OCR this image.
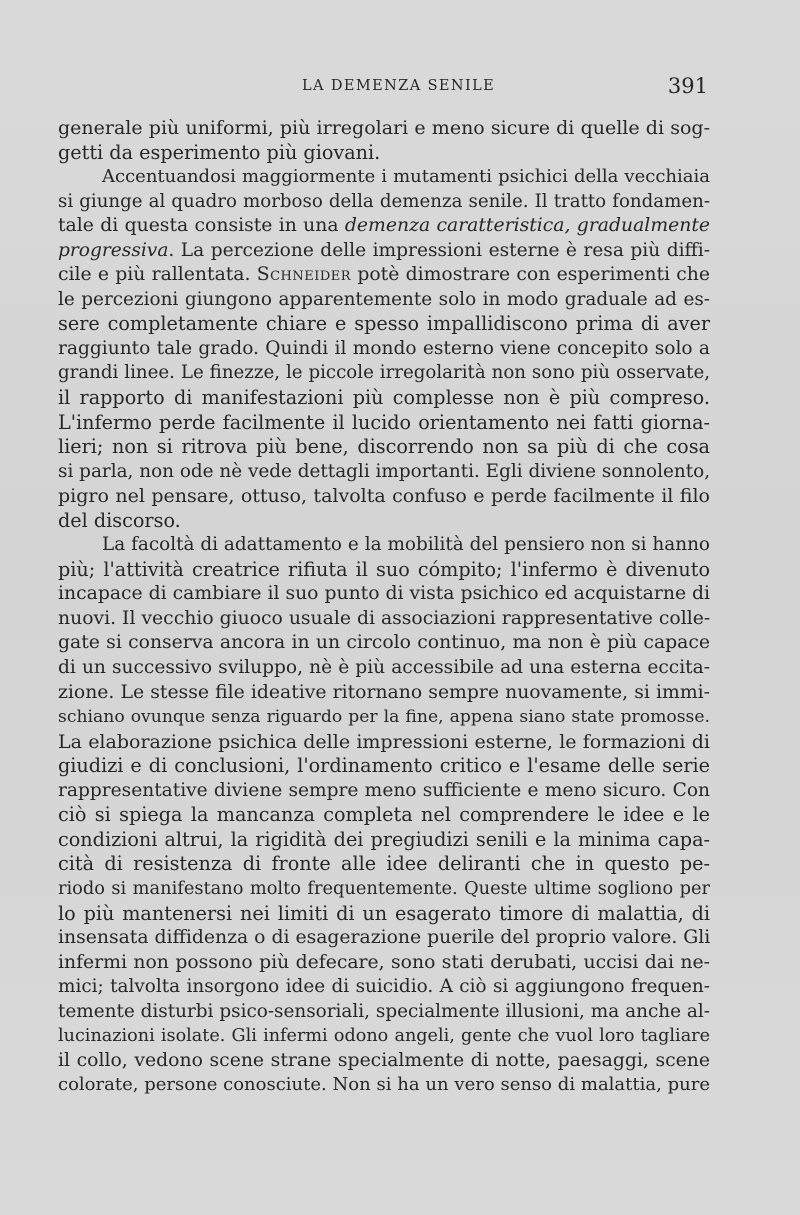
LA DEMENZA SENILE	391
generale più uniformi, più irregolari e meno sicure di quelle di sog-
getti da esperimento più giovani.
Accentuandosi maggiormente i mutamenti psichici della vecchiaia
si giunge al quadro morboso della demenza senile. Il tratto fondamen-
tale di questa consiste in una demenza caratteristica, gradualmente
progressiva. La percezione delle impressioni esterne è resa più diffi-
cile e più rallentata. Schneider potè dimostrare con esperimenti che
le percezioni giungono apparentemente solo in modo graduale ad es-
sere completamente chiare e spesso impallidiscono prima di aver
raggiunto tale grado. Quindi il mondo esterno viene concepito solo a
grandi linee. Le finezze, le piccole irregolarità non sono più osservate,
il rapporto di manifestazioni più complesse non è più compreso.
L'infermo perde facilmente il lucido orientamento nei fatti giorna-
lieri; non si ritrova più bene, discorrendo non sa più di che cosa
si parla, non ode nè vede dettagli importanti. Egli diviene sonnolento,
pigro nel pensare, ottuso, talvolta confuso e perde facilmente il filo
del discorso.
La facoltà di adattamento e la mobilità del pensiero non si hanno
più; l'attività creatrice rifiuta il suo cómpito; l'infermo è divenuto
incapace di cambiare il suo punto di vista psichico ed acquistarne di
nuovi. Il vecchio giuoco usuale di associazioni rappresentative colle-
gate si conserva ancora in un circolo continuo, ma non è più capace
di un successivo sviluppo, nè è più accessibile ad una esterna eccita-
zione. Le stesse file ideative ritornano sempre nuovamente, si immi-
schiano ovunque senza riguardo per la fine, appena siano state promosse.
La elaborazione psichica delle impressioni esterne, le formazioni di
giudizi e di conclusioni, l'ordinamento critico e l'esame delle serie
rappresentative diviene sempre meno sufficiente e meno sicuro. Con
ciò si spiega la mancanza completa nel comprendere le idee e le
condizioni altrui, la rigidità dei pregiudizi senili e la minima capa-
cità di resistenza di fronte alle idee deliranti che in questo pe-
riodo si manifestano molto frequentemente. Queste ultime sogliono per
lo più mantenersi nei limiti di un esagerato timore di malattia, di
insensata diffidenza o di esagerazione puerile del proprio valore. Gli
infermi non possono più defecare, sono stati derubati, uccisi dai ne-
mici; talvolta insorgono idee di suicidio. A ciò si aggiungono frequen-
temente disturbi psico-sensoriali, specialmente illusioni, ma anche al-
lucinazioni isolate. Gli infermi odono angeli, gente che vuol loro tagliare
il collo, vedono scene strane specialmente di notte, paesaggi, scene
colorate, persone conosciute. Non si ha un vero senso di malattia, pure
